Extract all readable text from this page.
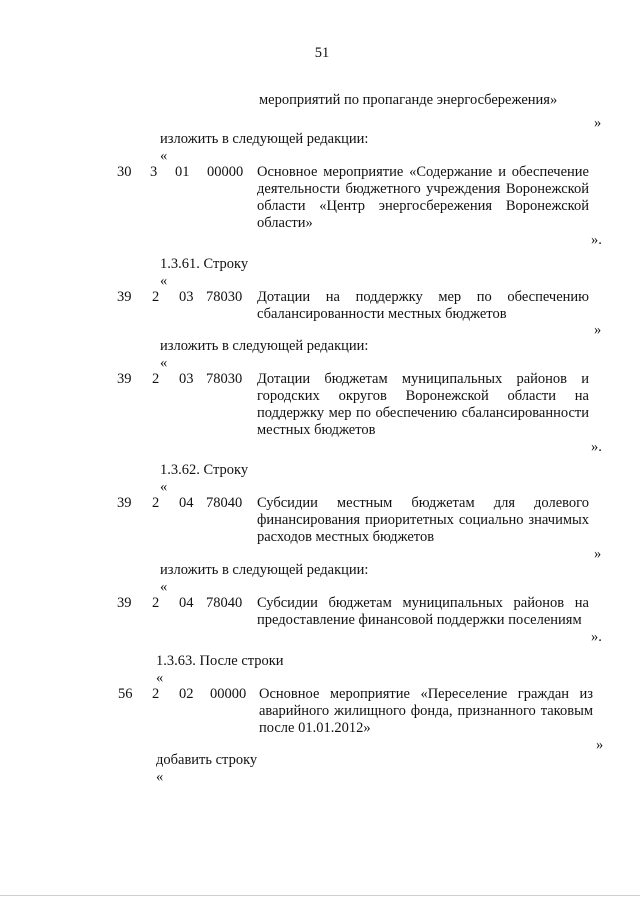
51
мероприятий по пропаганде энергосбережения»
»
изложить в следующей редакции:
«
30 3 01 00000 Основное мероприятие «Содержание и обеспечение
деятельности бюджетного учреждения Воронежской
области «Центр энергосбережения Воронежской
области»
».
1.3.61. Строку
«
39 2 03 78030 Дотации на поддержку мер по обеспечению
сбалансированности местных бюджетов
»
изложить в следующей редакции:
«
39 2 03 78030 Дотации бюджетам муниципальных районов и
городских округов Воронежской области на
поддержку мер по обеспечению сбалансированности
местных бюджетов
».
1.3.62. Строку
«
39 2 04 78040 Субсидии местным бюджетам для долевого
финансирования приоритетных социально значимых
расходов местных бюджетов
»
изложить в следующей редакции:
«
39 2 04 78040 Субсидии бюджетам муниципальных районов на
предоставление финансовой поддержки поселениям
».
1.3.63. После строки
«
56 2 02 00000 Основное мероприятие «Переселение граждан из
аварийного жилищного фонда, признанного таковым
после 01.01.2012»
»
добавить строку
«
